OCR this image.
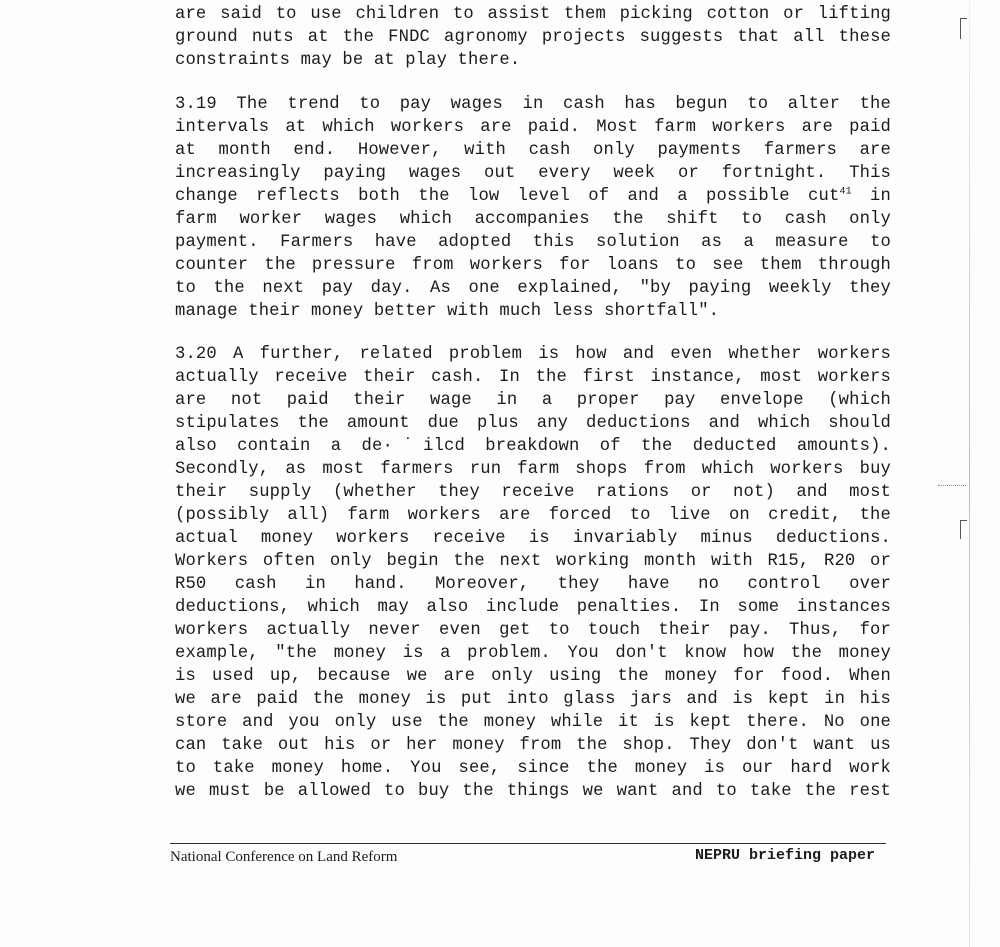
are said to use children to assist them picking cotton or lifting
ground nuts at the FNDC agronomy projects suggests that all these
constraints may be at play there.
3.19 The trend to pay wages in cash has begun to alter the
intervals at which workers are paid. Most farm workers are paid
at month end. However, with cash only payments farmers are
increasingly paying wages out every week or fortnight. This
change reflects both the low level of and a possible cut$^{41}$ in
farm worker wages which accompanies the shift to cash only
payment. Farmers have adopted this solution as a measure to
counter the pressure from workers for loans to see them through
to the next pay day. As one explained, "by paying weekly they
manage their money better with much less shortfall".
3.20 A further, related problem is how and even whether workers
actually receive their cash. In the first instance, most workers
are not paid their wage in a proper pay envelope (which
stipulates the amount due plus any deductions and which should
also contain a de·˙ilcd breakdown of the deducted amounts).
Secondly, as most farmers run farm shops from which workers buy
their supply (whether they receive rations or not) and most
(possibly all) farm workers are forced to live on credit, the
actual money workers receive is invariably minus deductions.
Workers often only begin the next working month with R15, R20 or
R50 cash in hand. Moreover, they have no control over
deductions, which may also include penalties. In some instances
workers actually never even get to touch their pay. Thus, for
example, "the money is a problem. You don't know how the money
is used up, because we are only using the money for food. When
we are paid the money is put into glass jars and is kept in his
store and you only use the money while it is kept there. No one
can take out his or her money from the shop. They don't want us
to take money home. You see, since the money is our hard work
we must be allowed to buy the things we want and to take the rest
National Conference on Land Reform	NEPRU briefing paper
